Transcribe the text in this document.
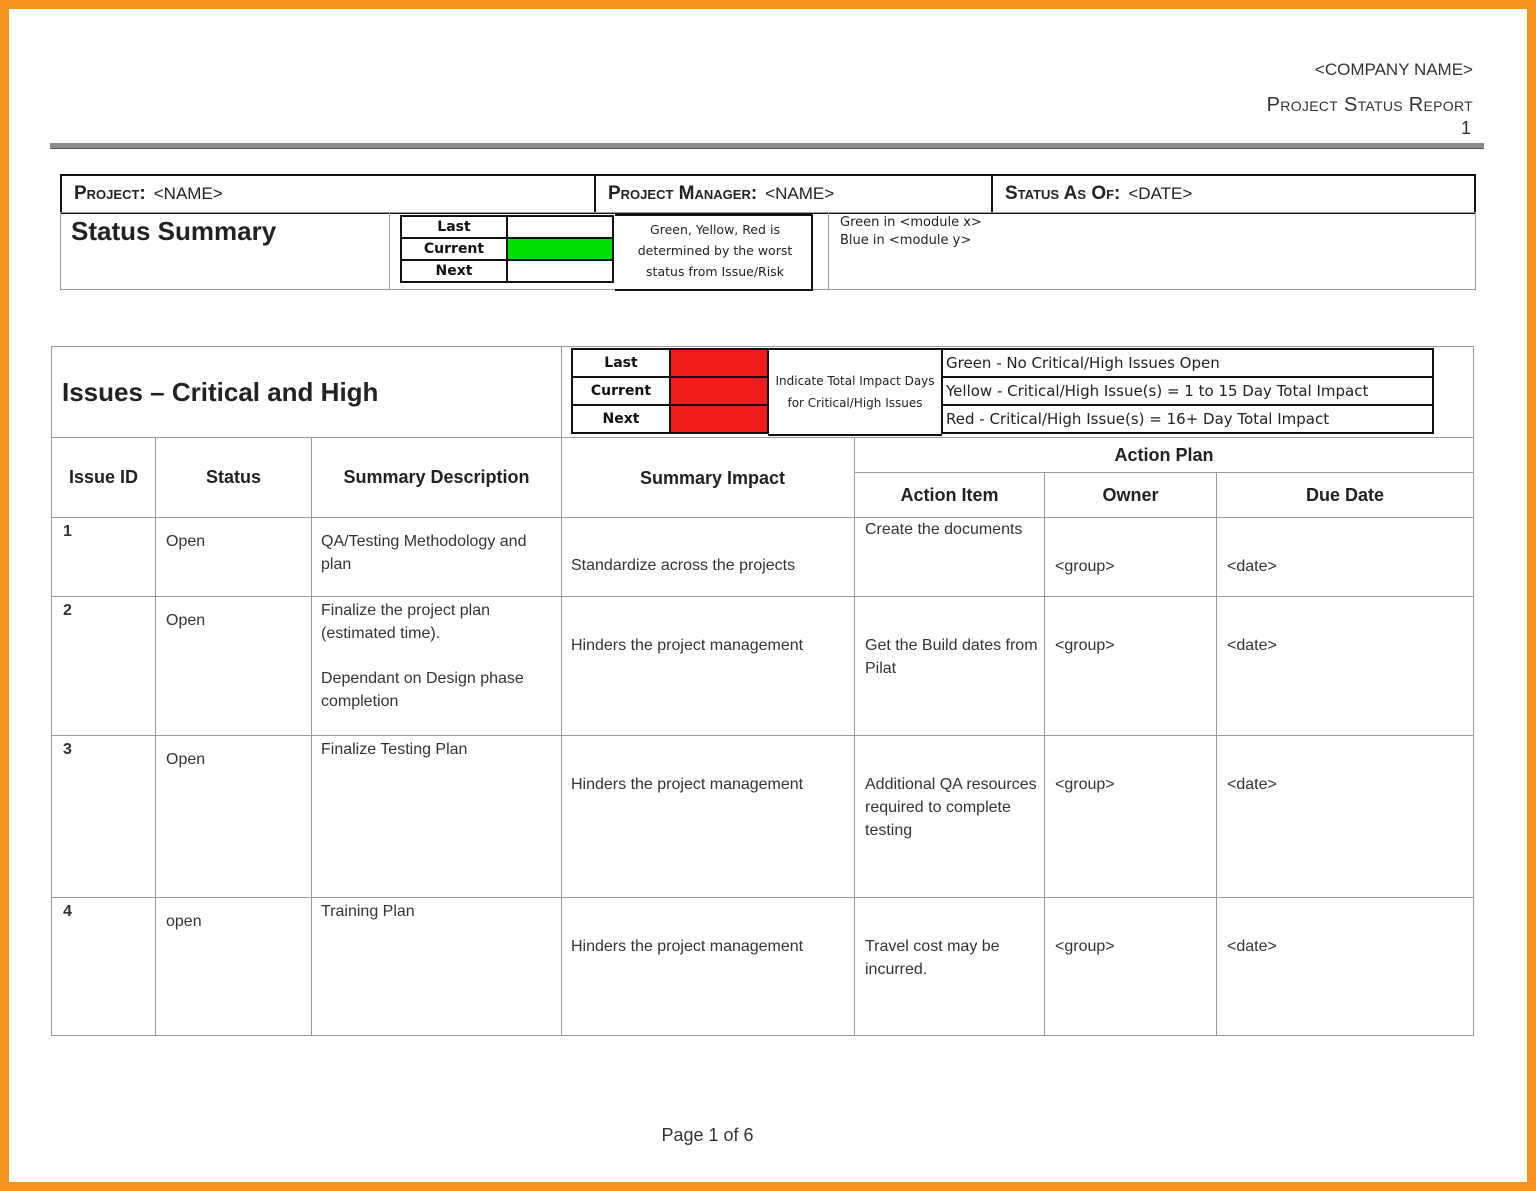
<COMPANY NAME>
Project Status Report
1
Project: <NAME>	Project Manager: <NAME>	Status As Of: <DATE>
Status Summary	Last	
Current	
Next	
Green, Yellow, Red is determined by the worst status from Issue/Risk
Green in <module x>
Blue in <module y>
Issues – Critical and High
Last	
Current	
Next	
Indicate Total Impact Days for Critical/High Issues
Green - No Critical/High Issues Open
Yellow - Critical/High Issue(s) = 1 to 15 Day Total Impact
Red - Critical/High Issue(s) = 16+ Day Total Impact
Issue ID	Status	Summary Description	Summary Impact	Action Plan		
				Action Item	Owner	Due Date
1	Open	QA/Testing Methodology and plan	Standardize across the projects	Create the documents	<group>	<date>
2	Open	Finalize the project plan (estimated time).
Dependant on Design phase completion	Hinders the project management	Get the Build dates from Pilat	<group>	<date>
3	Open	Finalize Testing Plan	Hinders the project management	Additional QA resources required to complete testing	<group>	<date>
4	open	Training Plan	Hinders the project management	Travel cost may be incurred.	<group>	<date>
Page 1 of 6
